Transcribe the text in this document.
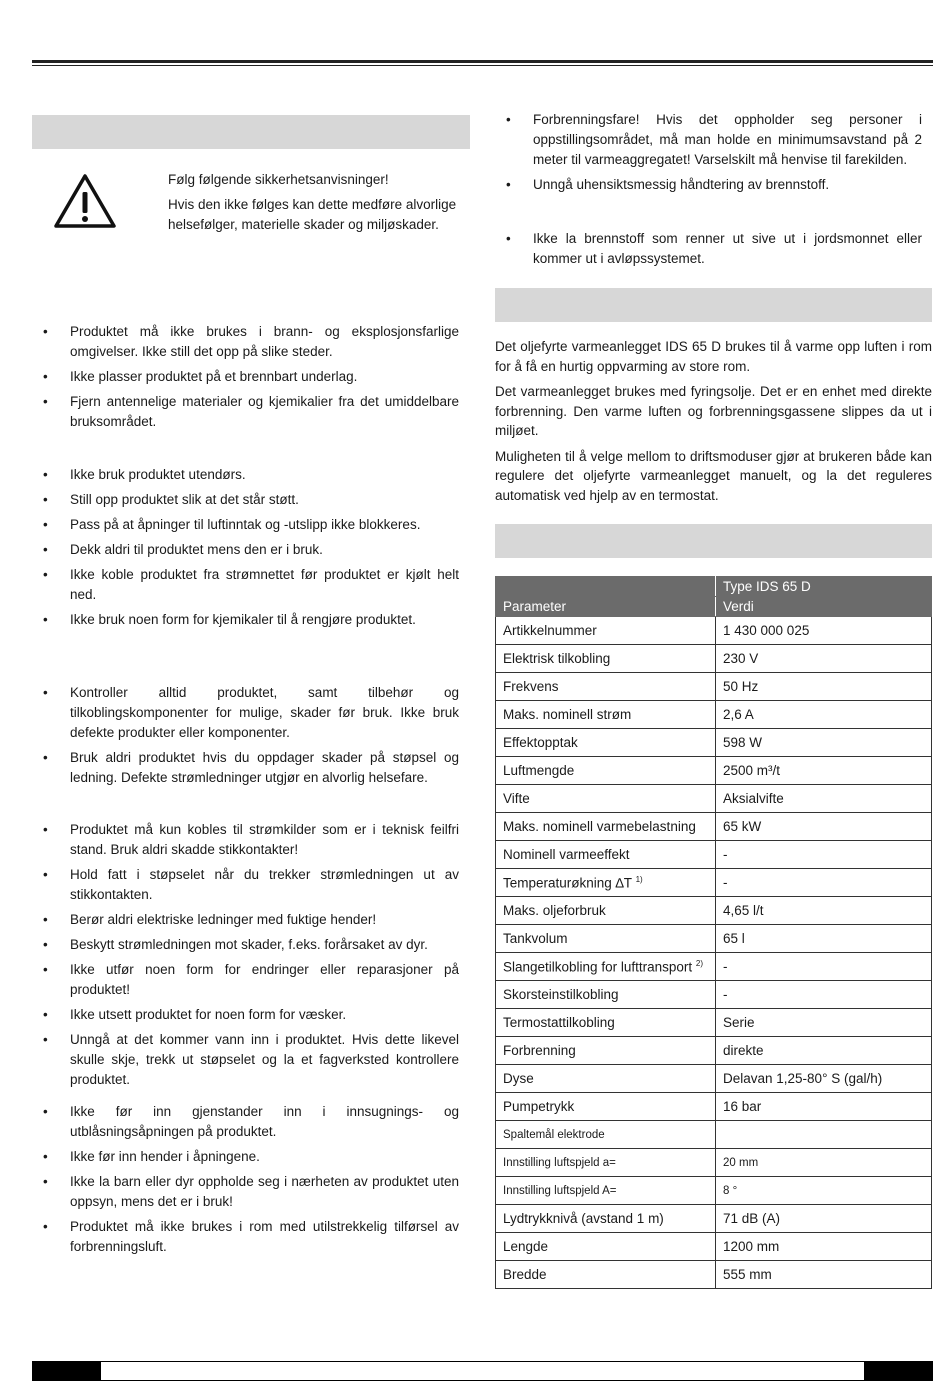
Følg følgende sikkerhetsanvisninger!
Hvis den ikke følges kan dette medføre alvorlige helsefølger, materielle skader og miljøskader.
• Produktet må ikke brukes i brann- og eksplosjonsfarlige omgivelser. Ikke still det opp på slike steder.
• Ikke plasser produktet på et brennbart underlag.
• Fjern antennelige materialer og kjemikalier fra det umiddelbare bruksområdet.
• Ikke bruk produktet utendørs.
• Still opp produktet slik at det står støtt.
• Pass på at åpninger til luftinntak og -utslipp ikke blokkeres.
• Dekk aldri til produktet mens den er i bruk.
• Ikke koble produktet fra strømnettet før produktet er kjølt helt ned.
• Ikke bruk noen form for kjemikaler til å rengjøre produktet.
• Kontroller alltid produktet, samt tilbehør og tilkoblingskomponenter for mulige, skader før bruk. Ikke bruk defekte produkter eller komponenter.
• Bruk aldri produktet hvis du oppdager skader på støpsel og ledning. Defekte strømledninger utgjør en alvorlig helsefare.
• Produktet må kun kobles til strømkilder som er i teknisk feilfri stand. Bruk aldri skadde stikkontakter!
• Hold fatt i støpselet når du trekker strømledningen ut av stikkontakten.
• Berør aldri elektriske ledninger med fuktige hender!
• Beskytt strømledningen mot skader, f.eks. forårsaket av dyr.
• Ikke utfør noen form for endringer eller reparasjoner på produktet!
• Ikke utsett produktet for noen form for væsker.
• Unngå at det kommer vann inn i produktet. Hvis dette likevel skulle skje, trekk ut støpselet og la et fagverksted kontrollere produktet.
• Ikke før inn gjenstander inn i innsugnings- og utblåsningsåpningen på produktet.
• Ikke før inn hender i åpningene.
• Ikke la barn eller dyr oppholde seg i nærheten av produktet uten oppsyn, mens det er i bruk!
• Produktet må ikke brukes i rom med utilstrekkelig tilførsel av forbrenningsluft.
• Forbrenningsfare! Hvis det oppholder seg personer i oppstillingsområdet, må man holde en minimumsavstand på 2 meter til varmeaggregatet! Varselskilt må henvise til farekilden.
• Unngå uhensiktsmessig håndtering av brennstoff.
• Ikke la brennstoff som renner ut sive ut i jordsmonnet eller kommer ut i avløpssystemet.

Det oljefyrte varmeanlegget IDS 65 D brukes til å varme opp luften i rom for å få en hurtig oppvarming av store rom.

Det varmeanlegget brukes med fyringsolje. Det er en enhet med direkte forbrenning. Den varme luften og forbrenningsgassene slippes da ut i miljøet.

Muligheten til å velge mellom to driftsmoduser gjør at brukeren både kan regulere det oljefyrte varmeanlegget manuelt, og la det reguleres automatisk ved hjelp av en termostat.

	Type IDS 65 D
Parameter	Verdi
Artikkelnummer	1 430 000 025
Elektrisk tilkobling	230 V
Frekvens	50 Hz
Maks. nominell strøm	2,6 A
Effektopptak	598 W
Luftmengde	2500 m³/t
Vifte	Aksialvifte
Maks. nominell varmebelastning	65 kW
Nominell varmeeffekt	-
Temperaturøkning ∆T $^{1)}$	-
Maks. oljeforbruk	4,65 l/t
Tankvolum	65 l
Slangetilkobling for lufttransport $^{2)}$	-
Skorsteinstilkobling	-
Termostattilkobling	Serie
Forbrenning	direkte
Dyse	Delavan 1,25-80° S (gal/h)
Pumpetrykk	16 bar
Spaltemål elektrode	
Innstilling luftspjeld a=	20 mm
Innstilling luftspjeld A=	8 °
Lydtrykknivå (avstand 1 m)	71 dB (A)
Lengde	1200 mm
Bredde	555 mm
